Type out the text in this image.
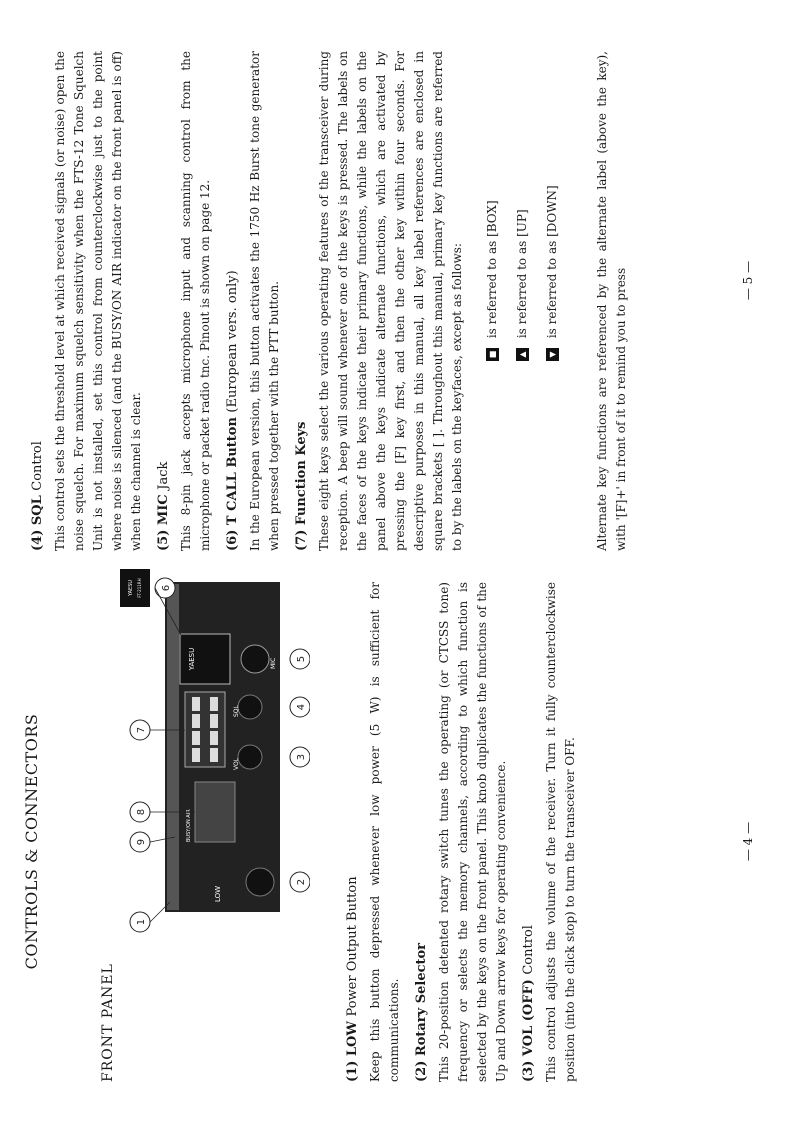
CONTROLS & CONNECTORS
FRONT PANEL
YAESU
LOW
BUSY/ON AIR
VOL
SQL
MIC
YAESU FT-211RH
1
2
3
4
5
6
7
8
9
(1) LOW Power Output Button Keep this button depressed whenever low power (5 W) is sufficient for communications. (2) Rotary Selector This 20-position detented rotary switch tunes the operating (or CTCSS tone) frequency or selects the memory channels, according to which function is selected by the keys on the front panel. This knob duplicates the functions of the Up and Down arrow keys for operating convenience. (3) VOL (OFF) Control This control adjusts the volume of the receiver. Turn it fully counterclockwise position (into the click stop) to turn the transceiver OFF.	— 4 —
(4) SQL Control This control sets the threshold level at which received signals (or noise) open the noise squelch. For maximum squelch sensitivity when the FTS-12 Tone Squelch Unit is not installed, set this control from counterclockwise just to the point where noise is silenced (and the BUSY/ON AIR indicator on the front panel is off) when the channel is clear. (5) MIC Jack This 8-pin jack accepts microphone input and scanning control from the microphone or packet radio tnc. Pinout is shown on page 12. (6) T CALL Button (European vers. only) In the European version, this button activates the 1750 Hz Burst tone generator when pressed together with the PTT button. (7) Function Keys These eight keys select the various operating features of the transceiver during reception. A beep will sound whenever one of the keys is pressed. The labels on the faces of the keys indicate their primary functions, while the labels on the panel above the keys indicate alternate functions, which are activated by pressing the [F] key first, and then the other key within four seconds. For descriptive purposes in this manual, all key label references are enclosed in square brackets [ ]. Throughout this manual, primary key functions are referred to by the labels on the keyfaces, except as follows:	■ is referred to as [BOX]
▲ is referred to as [UP]
▼ is referred to as [DOWN]	Alternate key functions are referenced by the alternate label (above the key), with '[F]+' in front of it to remind you to press	— 5 —
